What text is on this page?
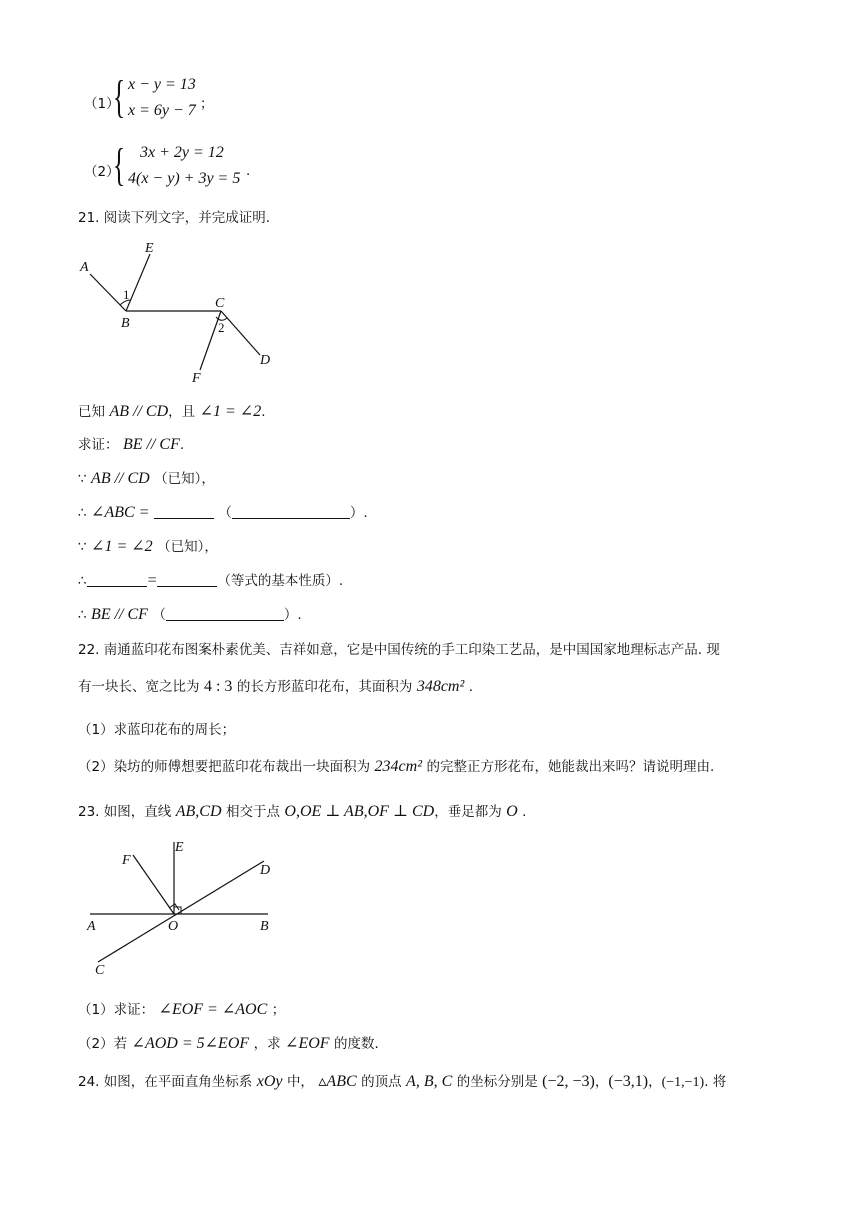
（1）
{ x − y = 13
x = 6y − 7 ；
（2）
{ 3x + 2y = 12
4(x − y) + 3y = 5 .
21. 阅读下列文字，并完成证明.
A
E
1
B
C
2
D
F
已知 AB // CD，且 ∠1 = ∠2.
求证： BE // CF.
∵ AB // CD （已知），
∴ ∠ABC =	（	）.
∵ ∠1 = ∠2 （已知），
∴	=	（等式的基本性质）.
∴ BE // CF （	）.
22. 南通蓝印花布图案朴素优美、吉祥如意，它是中国传统的手工印染工艺品，是中国国家地理标志产品. 现
有一块长、宽之比为 4 : 3 的长方形蓝印花布，其面积为 348cm² .
（1）求蓝印花布的周长；
（2）染坊的师傅想要把蓝印花布裁出一块面积为 234cm² 的完整正方形花布，她能裁出来吗？请说明理由.
23. 如图，直线 AB,CD 相交于点 O,OE ⊥ AB,OF ⊥ CD，垂足都为 O .
F
E
D
A	O	B
C
（1）求证： ∠EOF = ∠AOC ；
（2）若 ∠AOD = 5∠EOF ，求 ∠EOF 的度数.
24. 如图，在平面直角坐标系 xOy 中， ▵ABC 的顶点 A, B, C 的坐标分别是 (−2, −3)，(−3,1)，(−1,−1). 将
